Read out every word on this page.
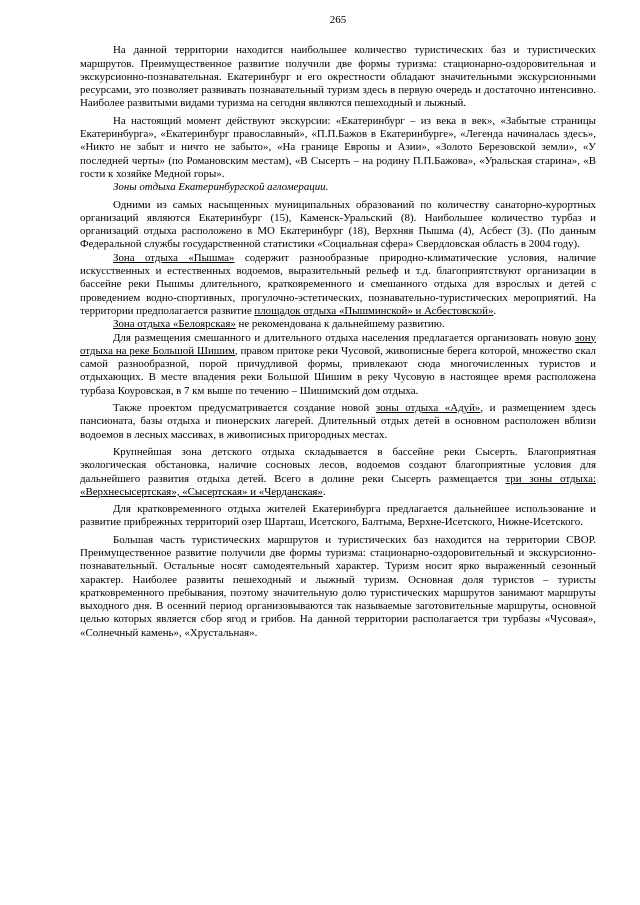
265

На данной территории находится наибольшее количество туристических баз и туристических маршрутов. Преимущественное развитие получили две формы туризма: стационарно-оздоровительная и экскурсионно-познавательная. Екатеринбург и его окрестности обладают значительными экскурсионными ресурсами, это позволяет развивать познавательный туризм здесь в первую очередь и достаточно интенсивно. Наиболее развитыми видами туризма на сегодня являются пешеходный и лыжный.

На настоящий момент действуют экскурсии: «Екатеринбург – из века в век», «Забытые страницы Екатеринбурга», «Екатеринбург православный», «П.П.Бажов в Екатеринбурге», «Легенда начиналась здесь», «Никто не забыт и ничто не забыто», «На границе Европы и Азии», «Золото Березовской земли», «У последней черты» (по Романовским местам), «В Сысерть – на родину П.П.Бажова», «Уральская старина», «В гости к хозяйке Медной горы».

Зоны отдыха Екатеринбургской агломерации.

Одними из самых насыщенных муниципальных образований по количеству санаторно-курортных организаций являются Екатеринбург (15), Каменск-Уральский (8). Наибольшее количество турбаз и организаций отдыха расположено в МО Екатеринбург (18), Верхняя Пышма (4), Асбест (3). (По данным Федеральной службы государственной статистики «Социальная сфера» Свердловская область в 2004 году).

Зона отдыха «Пышма» содержит разнообразные природно-климатические условия, наличие искусственных и естественных водоемов, выразительный рельеф и т.д. благоприятствуют организации в бассейне реки Пышмы длительного, кратковременного и смешанного отдыха для взрослых и детей с проведением водно-спортивных, прогулочно-эстетических, познавательно-туристических мероприятий. На территории предполагается развитие площадок отдыха «Пышминской» и Асбестовской».

Зона отдыха «Белоярская» не рекомендована к дальнейшему развитию.

Для размещения смешанного и длительного отдыха населения предлагается организовать новую зону отдыха на реке Большой Шишим, правом притоке реки Чусовой, живописные берега которой, множество скал самой разнообразной, порой причудливой формы, привлекают сюда многочисленных туристов и отдыхающих. В месте впадения реки Большой Шишим в реку Чусовую в настоящее время расположена турбаза Коуровская, в 7 км выше по течению – Шишимский дом отдыха.

Также проектом предусматривается создание новой зоны отдыха «Адуй», и размещением здесь пансионата, базы отдыха и пионерских лагерей. Длительный отдых детей в основном расположен вблизи водоемов в лесных массивах, в живописных пригородных местах.

Крупнейшая зона детского отдыха складывается в бассейне реки Сысерть. Благоприятная экологическая обстановка, наличие сосновых лесов, водоемов создают благоприятные условия для дальнейшего развития отдыха детей. Всего в долине реки Сысерть размещается три зоны отдыха: «Верхнесысертская», «Сысертская» и «Черданская».

Для кратковременного отдыха жителей Екатеринбурга предлагается дальнейшее использование и развитие прибрежных территорий озер Шарташ, Исетского, Балтыма, Верхне-Исетского, Нижне-Исетского.

Большая часть туристических маршрутов и туристических баз находится на территории СВОР. Преимущественное развитие получили две формы туризма: стационарно-оздоровительный и экскурсионно-познавательный. Остальные носят самодеятельный характер. Туризм носит ярко выраженный сезонный характер. Наиболее развиты пешеходный и лыжный туризм. Основная доля туристов – туристы кратковременного пребывания, поэтому значительную долю туристических маршрутов занимают маршруты выходного дня. В осенний период организовываются так называемые заготовительные маршруты, основной целью которых является сбор ягод и грибов. На данной территории располагается три турбазы «Чусовая», «Солнечный камень», «Хрустальная».
